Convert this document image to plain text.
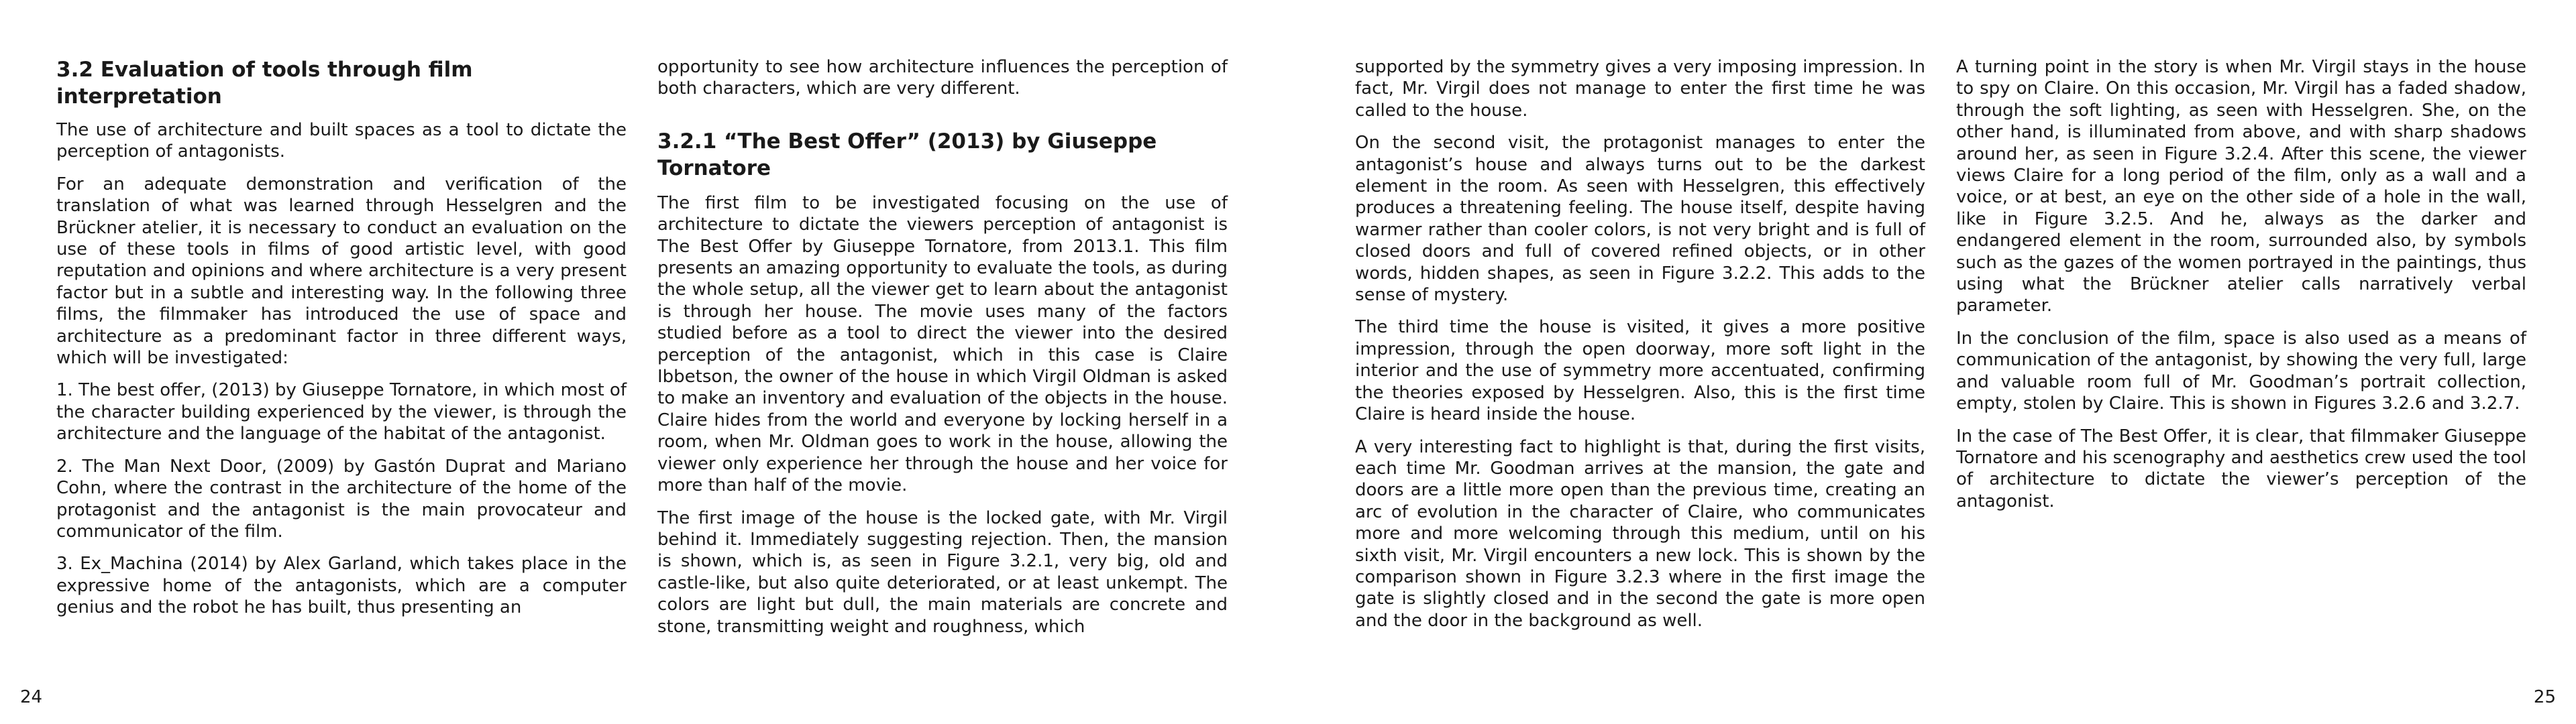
3.2 Evaluation of tools through film interpretation

The use of architecture and built spaces as a tool to dictate the perception of antagonists.

For an adequate demonstration and verification of the translation of what was learned through Hesselgren and the Brückner atelier, it is necessary to conduct an evaluation on the use of these tools in films of good artistic level, with good reputation and opinions and where architecture is a very present factor but in a subtle and interesting way. In the following three films, the filmmaker has introduced the use of space and architecture as a predominant factor in three different ways, which will be investigated:

1. The best offer, (2013) by Giuseppe Tornatore, in which most of the character building experienced by the viewer, is through the architecture and the language of the habitat of the antagonist.

2. The Man Next Door, (2009) by Gastón Duprat and Mariano Cohn, where the contrast in the architecture of the home of the protagonist and the antagonist is the main provocateur and communicator of the film.

3. Ex_Machina (2014) by Alex Garland, which takes place in the expressive home of the antagonists, which are a computer genius and the robot he has built, thus presenting an

opportunity to see how architecture influences the perception of both characters, which are very different.

3.2.1 “The Best Offer” (2013) by Giuseppe Tornatore

The first film to be investigated focusing on the use of architecture to dictate the viewers perception of antagonist is The Best Offer by Giuseppe Tornatore, from 2013.1. This film presents an amazing opportunity to evaluate the tools, as during the whole setup, all the viewer get to learn about the antagonist is through her house. The movie uses many of the factors studied before as a tool to direct the viewer into the desired perception of the antagonist, which in this case is Claire Ibbetson, the owner of the house in which Virgil Oldman is asked to make an inventory and evaluation of the objects in the house. Claire hides from the world and everyone by locking herself in a room, when Mr. Oldman goes to work in the house, allowing the viewer only experience her through the house and her voice for more than half of the movie.

The first image of the house is the locked gate, with Mr. Virgil behind it. Immediately suggesting rejection. Then, the mansion is shown, which is, as seen in Figure 3.2.1, very big, old and castle-like, but also quite deteriorated, or at least unkempt. The colors are light but dull, the main materials are concrete and stone, transmitting weight and roughness, which

24

supported by the symmetry gives a very imposing impression. In fact, Mr. Virgil does not manage to enter the first time he was called to the house.

On the second visit, the protagonist manages to enter the antagonist’s house and always turns out to be the darkest element in the room. As seen with Hesselgren, this effectively produces a threatening feeling. The house itself, despite having warmer rather than cooler colors, is not very bright and is full of closed doors and full of covered refined objects, or in other words, hidden shapes, as seen in Figure 3.2.2. This adds to the sense of mystery.

The third time the house is visited, it gives a more positive impression, through the open doorway, more soft light in the interior and the use of symmetry more accentuated, confirming the theories exposed by Hesselgren. Also, this is the first time Claire is heard inside the house.

A very interesting fact to highlight is that, during the first visits, each time Mr. Goodman arrives at the mansion, the gate and doors are a little more open than the previous time, creating an arc of evolution in the character of Claire, who communicates more and more welcoming through this medium, until on his sixth visit, Mr. Virgil encounters a new lock. This is shown by the comparison shown in Figure 3.2.3 where in the first image the gate is slightly closed and in the second the gate is more open and the door in the background as well.

A turning point in the story is when Mr. Virgil stays in the house to spy on Claire. On this occasion, Mr. Virgil has a faded shadow, through the soft lighting, as seen with Hesselgren. She, on the other hand, is illuminated from above, and with sharp shadows around her, as seen in Figure 3.2.4. After this scene, the viewer views Claire for a long period of the film, only as a wall and a voice, or at best, an eye on the other side of a hole in the wall, like in Figure 3.2.5. And he, always as the darker and endangered element in the room, surrounded also, by symbols such as the gazes of the women portrayed in the paintings, thus using what the Brückner atelier calls narratively verbal parameter.

In the conclusion of the film, space is also used as a means of communication of the antagonist, by showing the very full, large and valuable room full of Mr. Goodman’s portrait collection, empty, stolen by Claire. This is shown in Figures 3.2.6 and 3.2.7.

In the case of The Best Offer, it is clear, that filmmaker Giuseppe Tornatore and his scenography and aesthetics crew used the tool of architecture to dictate the viewer’s perception of the antagonist.

25
